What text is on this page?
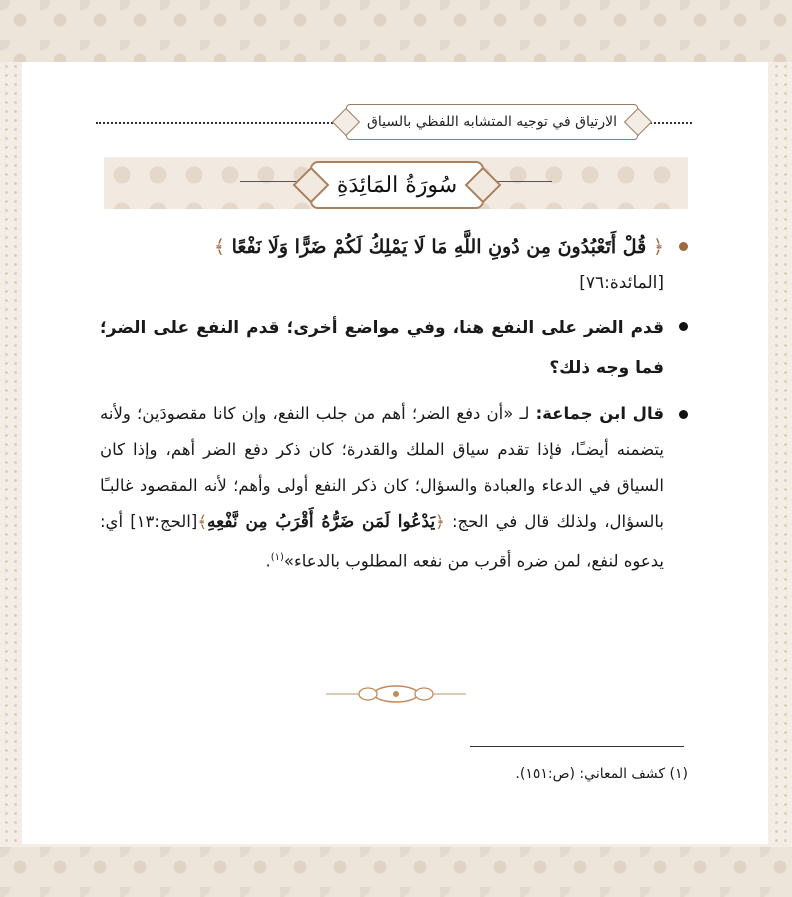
الارتياق في توجيه المتشابه اللفظي بالسياق
سُورَةُ المَائِدَةِ
﴿ قُلْ أَتَعْبُدُونَ مِن دُونِ اللَّهِ مَا لَا يَمْلِكُ لَكُمْ ضَرًّا وَلَا نَفْعًا ﴾
[المائدة:٧٦]
قدم الضر على النفع هنا، وفي مواضع أخرى؛ قدم النفع على الضر؛ فما وجه ذلك؟
قال ابن جماعة: لـ «أن دفع الضر؛ أهم من جلب النفع، وإن كانا مقصودَين؛ ولأنه يتضمنه أيضـًا، فإذا تقدم سياق الملك والقدرة؛ كان ذكر دفع الضر أهم، وإذا كان السياق في الدعاء والعبادة والسؤال؛ كان ذكر النفع أولى وأهم؛ لأنه المقصود غالبـًا بالسؤال، ولذلك قال في الحج: ﴿يَدْعُوا لَمَن ضَرُّهُ أَقْرَبُ مِن نَّفْعِهِ﴾[الحج:١٣] أي: يدعوه لنفع، لمن ضره أقرب من نفعه المطلوب بالدعاء»$^{(١)}$.
(١) كشف المعاني: (ص:١٥١).
